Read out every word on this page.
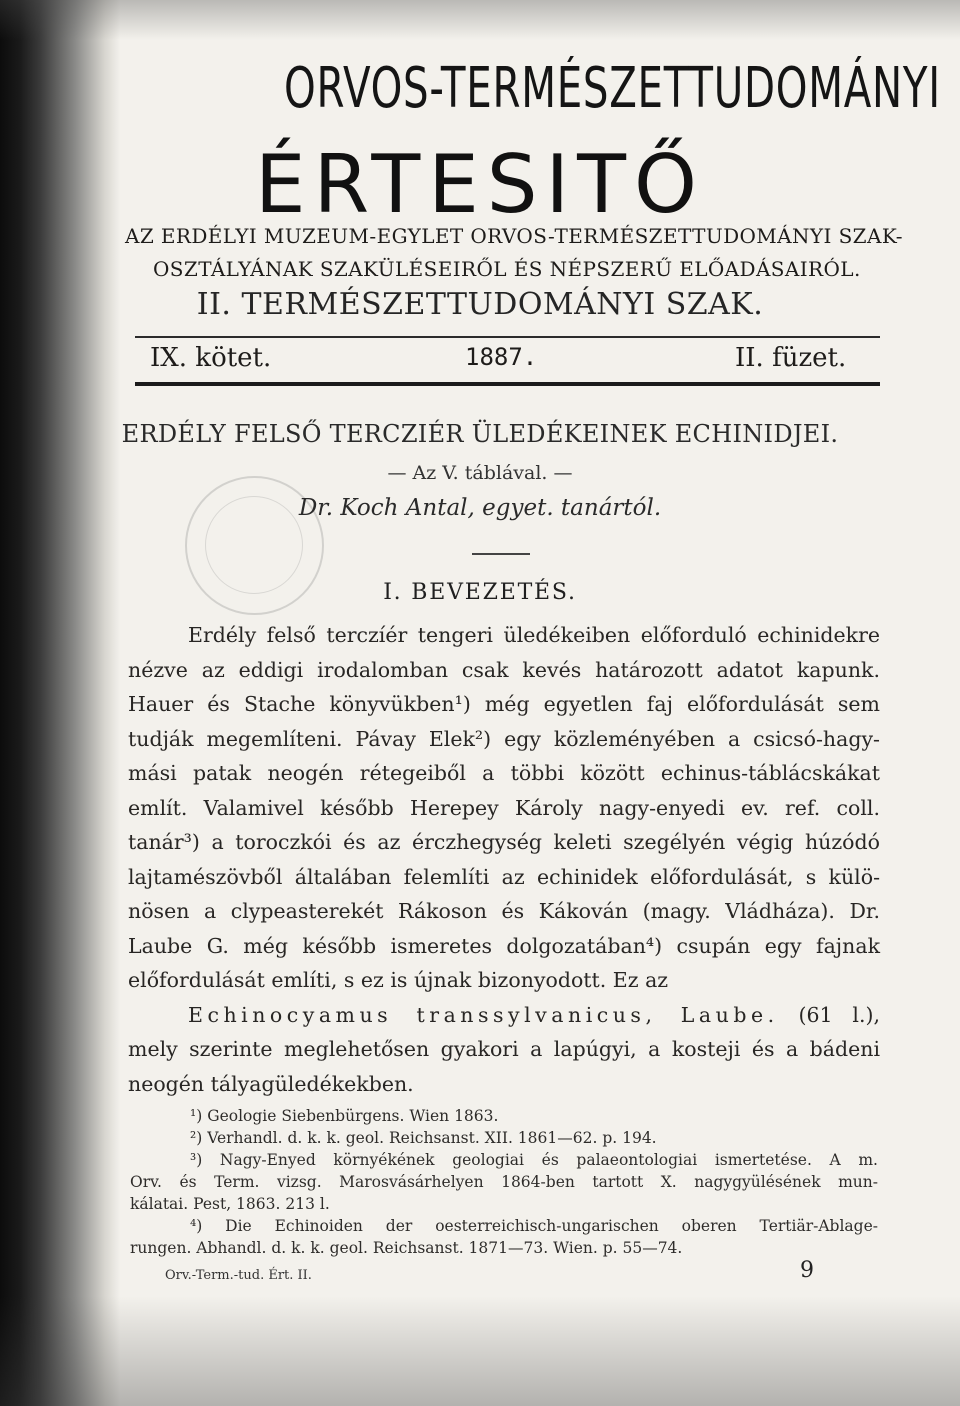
ORVOS-TERMÉSZETTUDOMÁNYI
ÉRTESITŐ
AZ ERDÉLYI MUZEUM-EGYLET ORVOS-TERMÉSZETTUDOMÁNYI SZAK-
OSZTÁLYÁNAK SZAKÜLÉSEIRŐL ÉS NÉPSZERŰ ELŐADÁSAIRÓL.
II. TERMÉSZETTUDOMÁNYI SZAK.
IX. kötet.	1887.	II. füzet.
ERDÉLY FELSŐ TERCZIÉR ÜLEDÉKEINEK ECHINIDJEI.
— Az V. táblával. —
Dr. Koch Antal, egyet. tanártól.
I. BEVEZETÉS.

Erdély felső terczíér tengeri üledékeiben előforduló echinidekre

nézve az eddigi irodalomban csak kevés határozott adatot kapunk.

Hauer és Stache könyvükben¹) még egyetlen faj előfordulását sem

tudják megemlíteni. Pávay Elek²) egy közleményében a csicsó-hagy-

mási patak neogén rétegeiből a többi között echinus-táblácskákat

említ. Valamivel később Herepey Károly nagy-enyedi ev. ref. coll.

tanár³) a toroczkói és az érczhegység keleti szegélyén végig húzódó

lajtamészövből általában felemlíti az echinidek előfordulását, s külö-

nösen a clypeasterekét Rákoson és Kákován (magy. Vládháza). Dr.

Laube G. még később ismeretes dolgozatában⁴) csupán egy fajnak

előfordulását említi, s ez is újnak bizonyodott. Ez az

Echinocyamus transsylvanicus, Laube. (61 l.),

mely szerinte meglehetősen gyakori a lapúgyi, a kosteji és a bádeni

neogén tályagüledékekben.

¹) Geologie Siebenbürgens. Wien 1863.

²) Verhandl. d. k. k. geol. Reichsanst. XII. 1861—62. p. 194.

³) Nagy-Enyed környékének geologiai és palaeontologiai ismertetése. A m.

Orv. és Term. vizsg. Marosvásárhelyen 1864-ben tartott X. nagygyülésének mun-

kálatai. Pest, 1863. 213 l.

⁴) Die Echinoiden der oesterreichisch-ungarischen oberen Tertiär-Ablage-

rungen. Abhandl. d. k. k. geol. Reichsanst. 1871—73. Wien. p. 55—74.

Orv.-Term.-tud. Ért. II.	9
